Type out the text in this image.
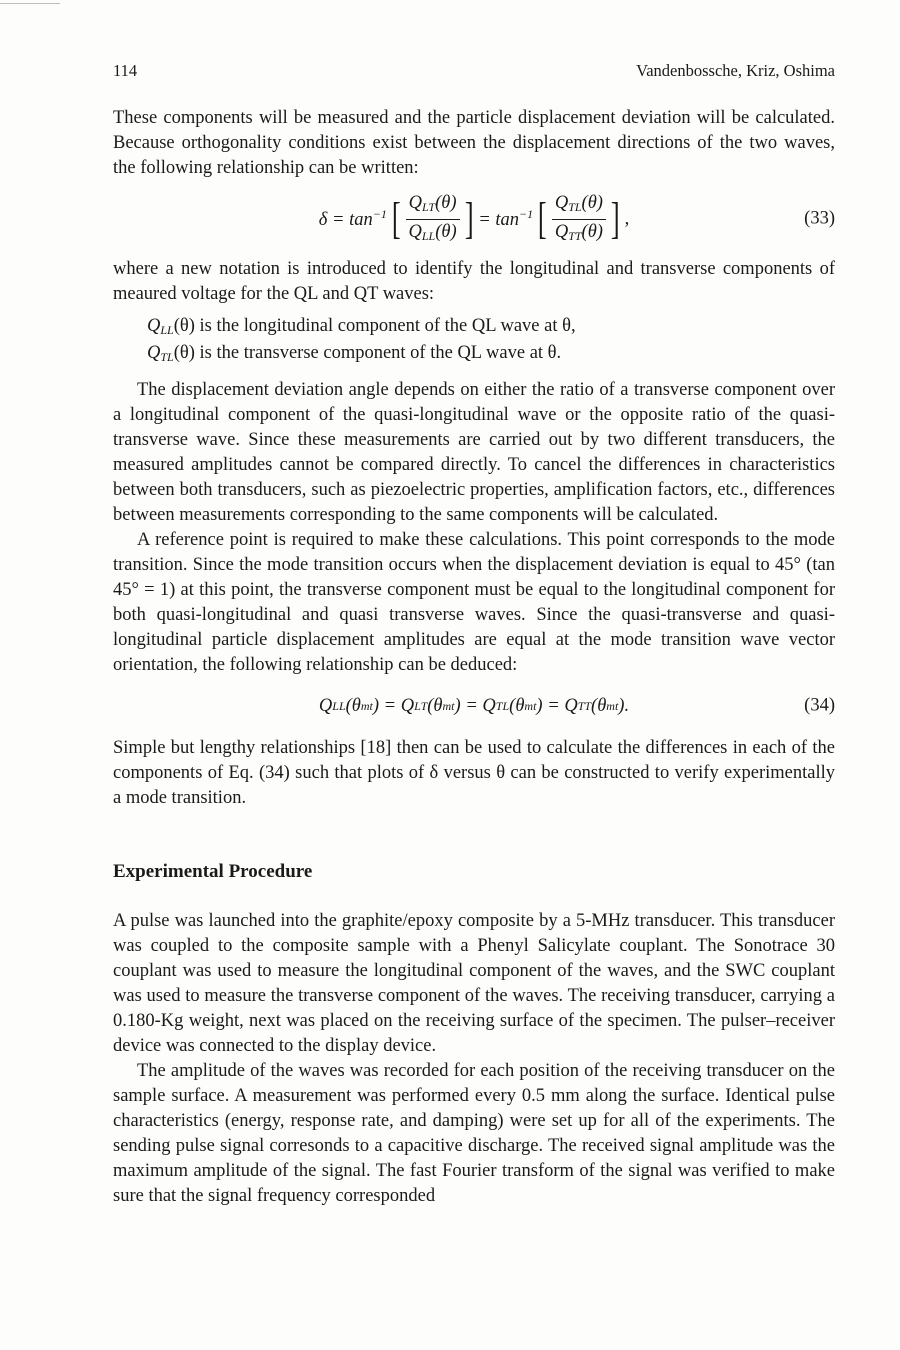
114	Vandenbossche, Kriz, Oshima

These components will be measured and the particle displacement deviation will be calculated. Because orthogonality conditions exist between the displacement directions of the two waves, the following relationship can be written:

$\delta = \tan^{-1}$ [ $\frac{Q_{LT}(\theta)}{Q_{LL}(\theta)}$ ] = $\tan^{-1}$ [ $\frac{Q_{TL}(\theta)}{Q_{TT}(\theta)}$ ] ,	(33)

where a new notation is introduced to identify the longitudinal and transverse components of meaured voltage for the QL and QT waves:

$Q_{LL}(\theta)$ is the longitudinal component of the QL wave at θ,
$Q_{TL}(\theta)$ is the transverse component of the QL wave at θ.

The displacement deviation angle depends on either the ratio of a transverse component over a longitudinal component of the quasi-longitudinal wave or the opposite ratio of the quasi-transverse wave. Since these measurements are carried out by two different transducers, the measured amplitudes cannot be compared directly. To cancel the differences in characteristics between both transducers, such as piezoelectric properties, amplification factors, etc., differences between measurements corresponding to the same components will be calculated.

A reference point is required to make these calculations. This point corresponds to the mode transition. Since the mode transition occurs when the displacement deviation is equal to 45° (tan 45° = 1) at this point, the transverse component must be equal to the longitudinal component for both quasi-longitudinal and quasi transverse waves. Since the quasi-transverse and quasi-longitudinal particle displacement amplitudes are equal at the mode transition wave vector orientation, the following relationship can be deduced:

Q LL (θ mt ) = Q LT (θ mt ) = Q TL (θ mt ) = Q TT (θ mt ) .	(34)

Simple but lengthy relationships [18] then can be used to calculate the differences in each of the components of Eq. (34) such that plots of δ versus θ can be constructed to verify experimentally a mode transition.

Experimental Procedure

A pulse was launched into the graphite/epoxy composite by a 5-MHz transducer. This transducer was coupled to the composite sample with a Phenyl Salicylate couplant. The Sonotrace 30 couplant was used to measure the longitudinal component of the waves, and the SWC couplant was used to measure the transverse component of the waves. The receiving transducer, carrying a 0.180-Kg weight, next was placed on the receiving surface of the specimen. The pulser–receiver device was connected to the display device.

The amplitude of the waves was recorded for each position of the receiving transducer on the sample surface. A measurement was performed every 0.5 mm along the surface. Identical pulse characteristics (energy, response rate, and damping) were set up for all of the experiments. The sending pulse signal corresonds to a capacitive discharge. The received signal amplitude was the maximum amplitude of the signal. The fast Fourier transform of the signal was verified to make sure that the signal frequency corresponded
